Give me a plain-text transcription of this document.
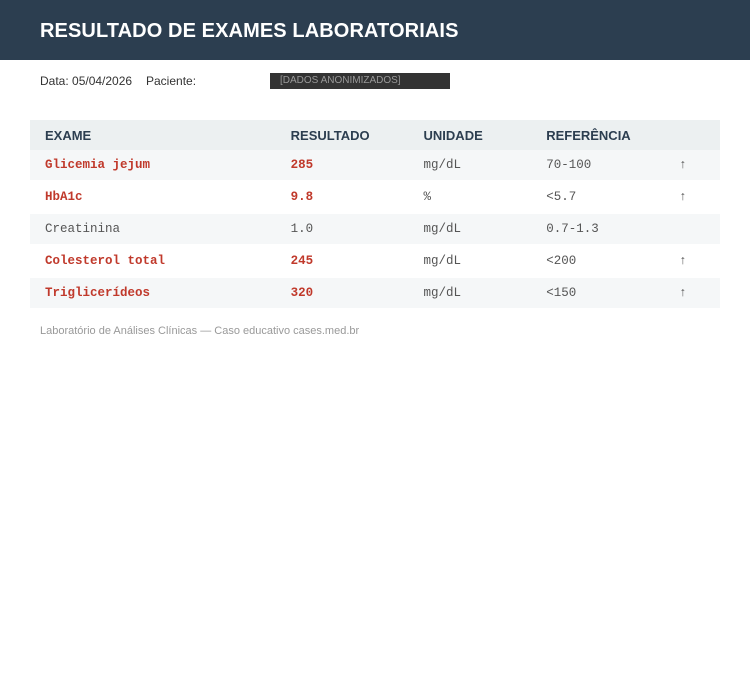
RESULTADO DE EXAMES LABORATORIAIS
Data: 05/04/2026 Paciente:	[DADOS ANONIMIZADOS]
EXAME	RESULTADO	UNIDADE	REFERÊNCIA	
Glicemia jejum	285	mg/dL	70-100	↑
HbA1c	9.8	%	<5.7	↑
Creatinina	1.0	mg/dL	0.7-1.3	
Colesterol total	245	mg/dL	<200	↑
Triglicerídeos	320	mg/dL	<150	↑
Laboratório de Análises Clínicas — Caso educativo cases.med.br
